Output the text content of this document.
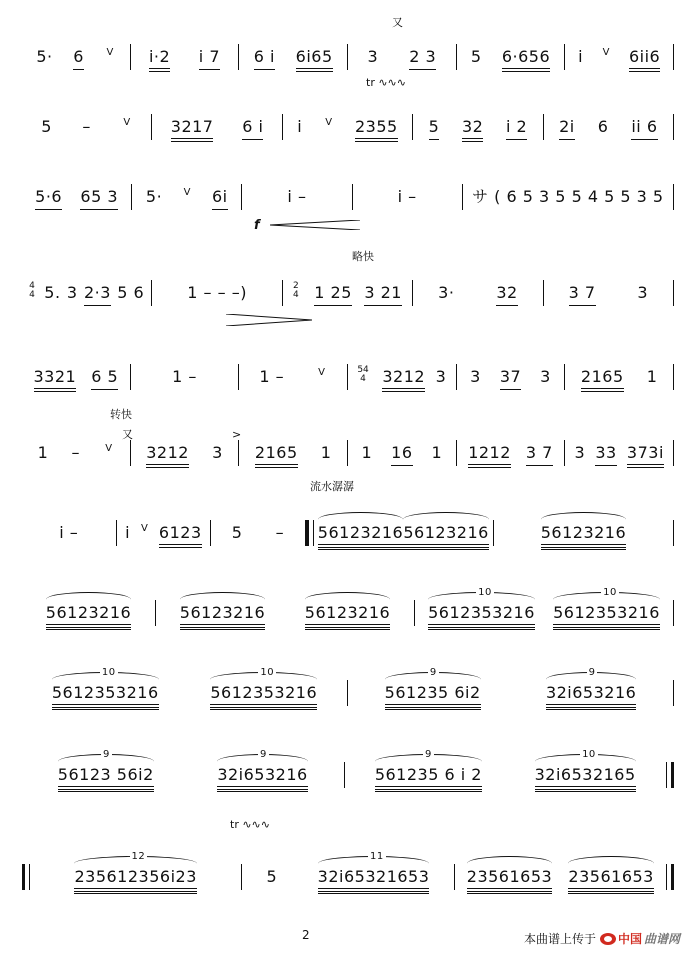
5· 6 V i·2 i 7 6 i 6i65 3 2 3 5 6·656 i V 6ii6
5 –	V	3217 6 i i V 2355 5 32 i 2 2i 6 ii 6
5·6 65 3 5· V 6i	i –	i –	サ ( 6 5 3 5 5 4 5 5 3 5
4
4 5. 3 2·3 5 6	1 – – –)	2
4 1 25 3 21 3·	32	3 7	3
3321 6 5	1 –	1 –	V	54
4 3212 3 3 37 3 2165 1
1 –	V 3212 3 2165 1 1 16 1 1212 3 7 3 33 373i
i –	i V 6123 5 – 56123216 56123216	56123216
56123216	56123216 56123216 5612353216
10
5612353216
10
5612353216
10
5612353216
10
561235 6i2
9
32i653216
9
56123 56i2
9
32i653216
9
561235 6 i 2
9
32i6532165
10
235612356i23
12
5	32i65321653
11
23561653 23561653
略快
转快
流水潺潺
f
tr ∿∿∿
tr ∿∿∿
又
又	>
2	本曲谱上传于 中国 曲谱网
